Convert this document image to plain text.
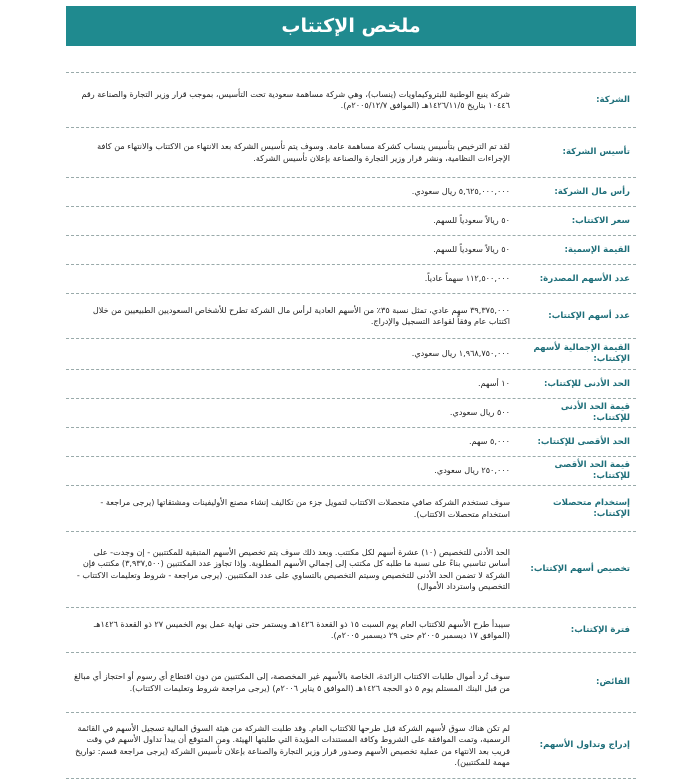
ملخص الإكتتاب
الشركة:
شركة ينبع الوطنية للبتروكيماويات (ينساب)، وهي شركة مساهمة سعودية تحت التأسيس، بموجب قرار وزير التجارة والصناعة رقم ١٠٤٤٦ بتاريخ ١٤٢٦/١١/٥هـ (الموافق ٢٠٠٥/١٢/٧م).
تأسيس الشركة:
لقد تم الترخيص بتأسيس ينساب كشركة مساهمة عامة. وسوف يتم تأسيس الشركة بعد الانتهاء من الاكتتاب والانتهاء من كافة الإجراءات النظامية، ونشر قرار وزير التجارة والصناعة بإعلان تأسيس الشركة.
رأس مال الشركة:
٥,٦٢٥,٠٠٠,٠٠٠ ريال سعودي.
سعر الاكتتاب:
٥٠ ريالاً سعودياً للسهم.
القيمة الإسمية:
٥٠ ريالاً سعودياً للسهم.
عدد الأسهم المصدرة:
١١٢,٥٠٠,٠٠٠ سهماً عادياً.
عدد أسهم الإكتتاب:
٣٩,٣٧٥,٠٠٠ سهم عادي، تمثل نسبة ٣٥٪ من الأسهم العادية لرأس مال الشركة تطرح للأشخاص السعوديين الطبيعيين من خلال اكتتاب عام وفقاً لقواعد التسجيل والإدراج.
القيمة الإجمالية لأسهم الإكتتاب:
١,٩٦٨,٧٥٠,٠٠٠ ريال سعودي.
الحد الأدنى للإكتتاب:
١٠ أسهم.
قيمة الحد الأدنى للإكتتاب:
٥٠٠ ريال سعودي.
الحد الأقصى للإكتتاب:
٥,٠٠٠ سهم.
قيمة الحد الأقصى للإكتتاب:
٢٥٠,٠٠٠ ريال سعودي.
إستخدام متحصلات الإكتتاب:
سوف تستخدم الشركة صافي متحصلات الاكتتاب لتمويل جزء من تكاليف إنشاء مصنع الأوليفينات ومشتقاتها (يرجى مراجعة - استخدام متحصلات الاكتتاب).
تخصيص أسهم الإكتتاب:
الحد الأدنى للتخصيص (١٠) عشرة أسهم لكل مكتتب. وبعد ذلك سوف يتم تخصيص الأسهم المتبقية للمكتتبين - إن وجدت- على أساس تناسبي بناءً على نسبة ما طلبه كل مكتتب إلى إجمالي الأسهم المطلوبة. وإذا تجاوز عدد المكتتبين (٣,٩٣٧,٥٠٠) مكتتب فإن الشركة لا تضمن الحد الأدنى للتخصيص وسيتم التخصيص بالتساوي على عدد المكتتبين. (يرجى مراجعة - شروط وتعليمات الاكتتاب - التخصيص واسترداد الأموال)
فترة الإكتتاب:
سيبدأ طرح الأسهم للاكتتاب العام يوم السبت ١٥ ذو القعدة ١٤٢٦هـ ويستمر حتى نهاية عمل يوم الخميس ٢٧ ذو القعدة ١٤٢٦هـ (الموافق ١٧ ديسمبر ٢٠٠٥م حتى ٢٩ ديسمبر ٢٠٠٥م).
الفائض:
سوف تُرد أموال طلبات الاكتتاب الزائدة، الخاصة بالأسهم غير المخصصة، إلى المكتتبين من دون اقتطاع أي رسوم أو احتجاز أي مبالغ من قبل البنك المستلم يوم ٥ ذو الحجة ١٤٢٦هـ (الموافق ٥ يناير ٢٠٠٦م) (يرجى مراجعة شروط وتعليمات الاكتتاب).
إدراج وتداول الأسهم:
لم تكن هناك سوق لأسهم الشركة قبل طرحها للاكتتاب العام. وقد طلبت الشركة من هيئة السوق المالية تسجيل الأسهم في القائمة الرسمية، وتمت الموافقة على الشروط وكافة المستندات المؤيدة التي طلبتها الهيئة. ومن المتوقع أن يبدأ تداول الأسهم في وقت قريب بعد الانتهاء من عملية تخصيص الأسهم وصدور قرار وزير التجارة والصناعة بإعلان تأسيس الشركة (يرجى مراجعة قسم: تواريخ مهمة للمكتتبين).
